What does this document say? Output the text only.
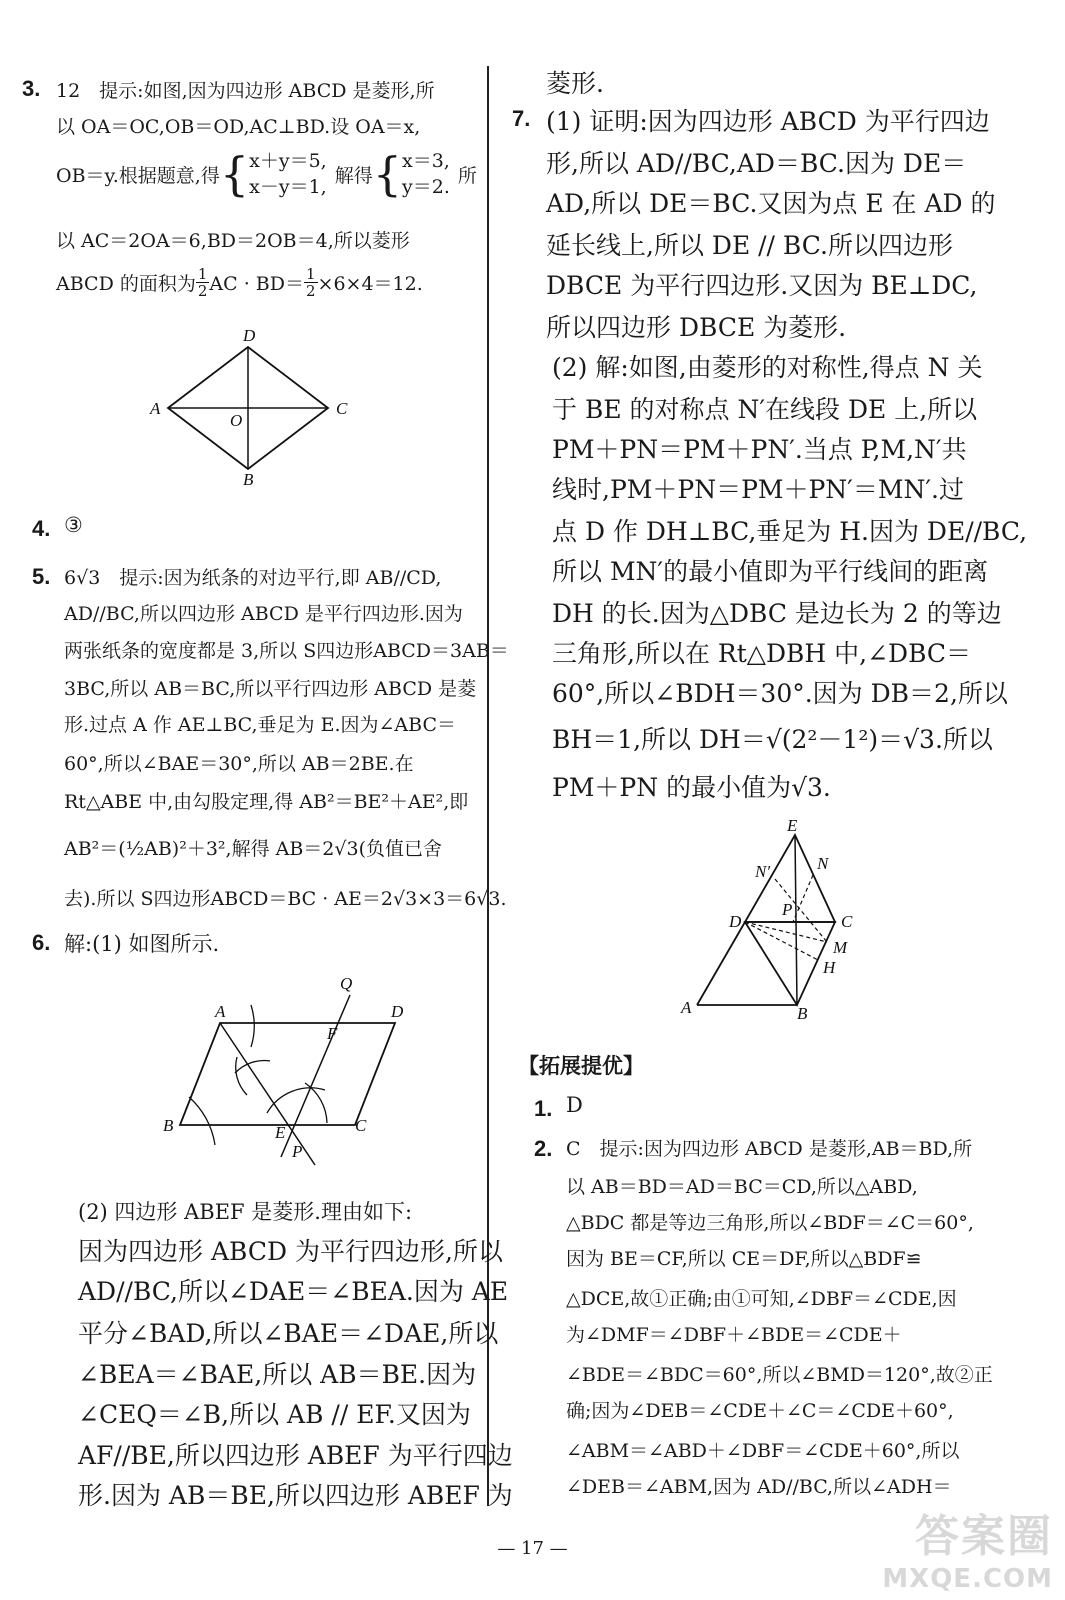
3. 12　提示:如图,因为四边形 ABCD 是菱形,所
以 OA＝OC,OB＝OD,AC⊥BD.设 OA＝x,
OB＝y.根据题意,得 { x＋y＝5,
x－y＝1,
解得 { x＝3,
y＝2.
所
以 AC＝2OA＝6,BD＝2OB＝4,所以菱形
ABCD 的面积为 $\frac{1}{2}$ AC · $BD= \frac{1}{2} \times 6\times 4=12$.
D
A	C
O
B
4. ③
5. 6√3　提示:因为纸条的对边平行,即 AB//CD,
AD//BC,所以四边形 ABCD 是平行四边形.因为
两张纸条的宽度都是 3,所以 S四边形ABCD＝3AB＝
3BC,所以 AB＝BC,所以平行四边形 ABCD 是菱
形.过点 A 作 AE⊥BC,垂足为 E.因为∠ABC＝
60°,所以∠BAE＝30°,所以 AB＝2BE.在
Rt△ABE 中,由勾股定理,得 AB²＝BE²＋AE²,即
AB²＝(½AB)²＋3²,解得 AB＝2√3(负值已舍
去).所以 S四边形ABCD＝BC · AE＝2√3×3＝6√3.
6. 解:(1) 如图所示.
Q
A	D
F
B	E	C
P
(2) 四边形 ABEF 是菱形.理由如下:
因为四边形 ABCD 为平行四边形,所以
AD//BC,所以∠DAE＝∠BEA.因为 AE
平分∠BAD,所以∠BAE＝∠DAE,所以
∠BEA＝∠BAE,所以 AB＝BE.因为
∠CEQ＝∠B,所以 AB // EF.又因为
AF//BE,所以四边形 ABEF 为平行四边
形.因为 AB＝BE,所以四边形 ABEF 为
菱形.
7. (1) 证明:因为四边形 ABCD 为平行四边
形,所以 AD//BC,AD＝BC.因为 DE＝
AD,所以 DE＝BC.又因为点 E 在 AD 的
延长线上,所以 DE // BC.所以四边形
DBCE 为平行四边形.又因为 BE⊥DC,
所以四边形 DBCE 为菱形.
(2) 解:如图,由菱形的对称性,得点 N 关
于 BE 的对称点 N′在线段 DE 上,所以
PM＋PN＝PM＋PN′.当点 P,M,N′共
线时,PM＋PN＝PM＋PN′＝MN′.过
点 D 作 DH⊥BC,垂足为 H.因为 DE//BC,
所以 MN′的最小值即为平行线间的距离
DH 的长.因为△DBC 是边长为 2 的等边
三角形,所以在 Rt△DBH 中,∠DBC＝
60°,所以∠BDH＝30°.因为 DB＝2,所以
BH＝1,所以 DH＝√(2²－1²)＝√3.所以
PM＋PN 的最小值为√3.
E
N′	N
P
D	C
M
H
A	B
【拓展提优】
1. D
2. C　提示:因为四边形 ABCD 是菱形,AB＝BD,所
以 AB＝BD＝AD＝BC＝CD,所以△ABD,
△BDC 都是等边三角形,所以∠BDF＝∠C＝60°,
因为 BE＝CF,所以 CE＝DF,所以△BDF≌
△DCE,故①正确;由①可知,∠DBF＝∠CDE,因
为∠DMF＝∠DBF＋∠BDE＝∠CDE＋
∠BDE＝∠BDC＝60°,所以∠BMD＝120°,故②正
确;因为∠DEB＝∠CDE＋∠C＝∠CDE＋60°,
∠ABM＝∠ABD＋∠DBF＝∠CDE＋60°,所以
∠DEB＝∠ABM,因为 AD//BC,所以∠ADH＝
— 17 —	答案圈
MXQE.COM
